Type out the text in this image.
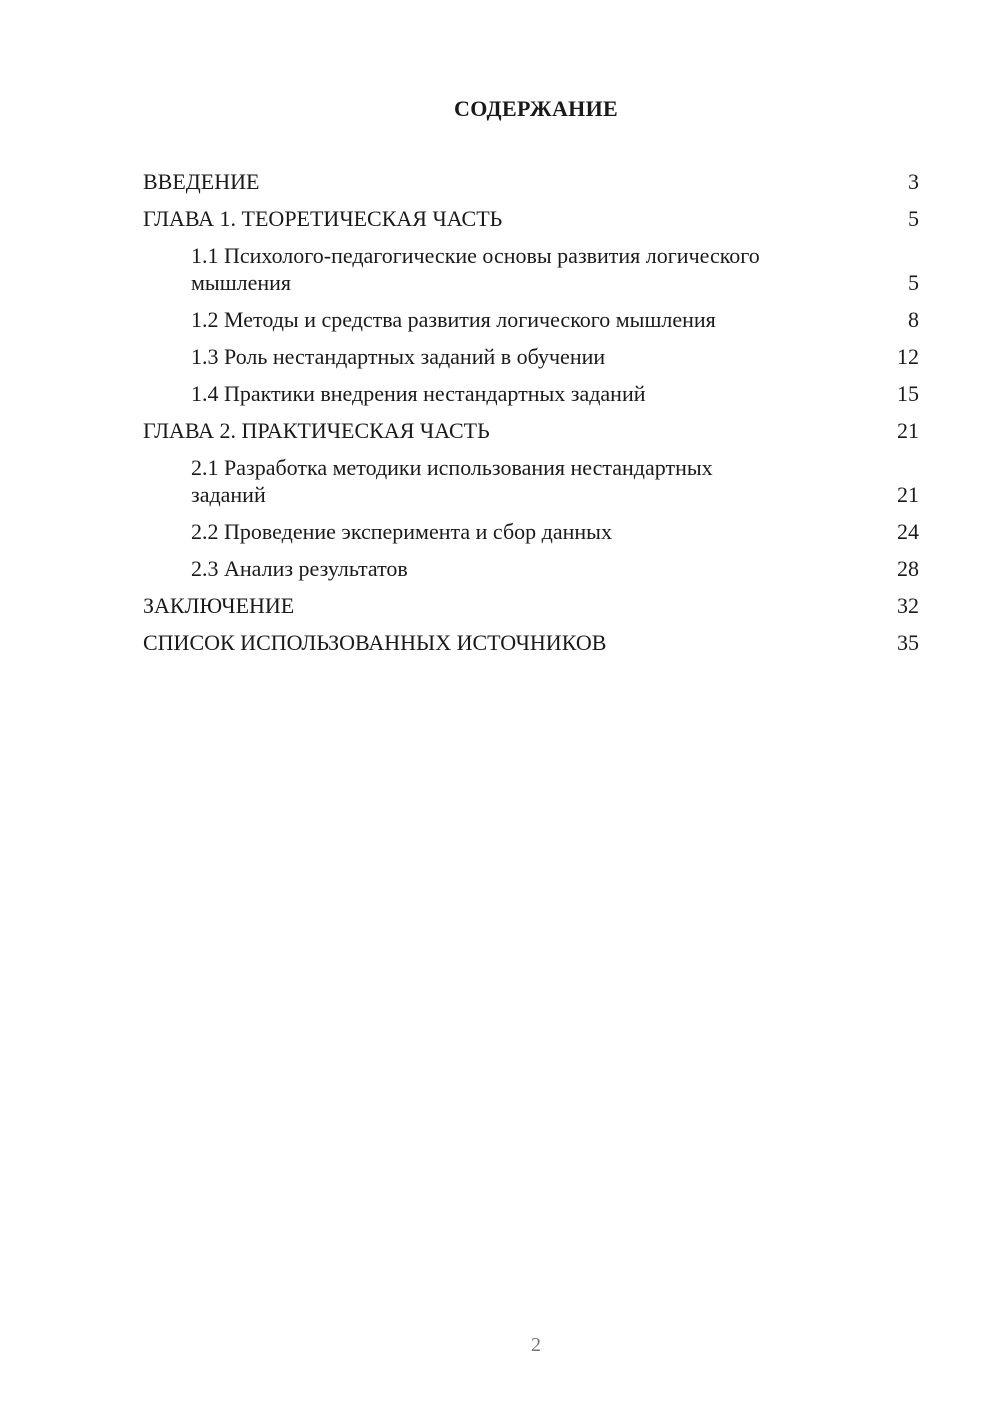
СОДЕРЖАНИЕ
ВВЕДЕНИЕ	3
ГЛАВА 1. ТЕОРЕТИЧЕСКАЯ ЧАСТЬ	5
1.1 Психолого-педагогические основы развития логического мышления	5
1.2 Методы и средства развития логического мышления	8
1.3 Роль нестандартных заданий в обучении	12
1.4 Практики внедрения нестандартных заданий	15
ГЛАВА 2. ПРАКТИЧЕСКАЯ ЧАСТЬ	21
2.1 Разработка методики использования нестандартных заданий	21
2.2 Проведение эксперимента и сбор данных	24
2.3 Анализ результатов	28
ЗАКЛЮЧЕНИЕ	32
СПИСОК ИСПОЛЬЗОВАННЫХ ИСТОЧНИКОВ	35
2
